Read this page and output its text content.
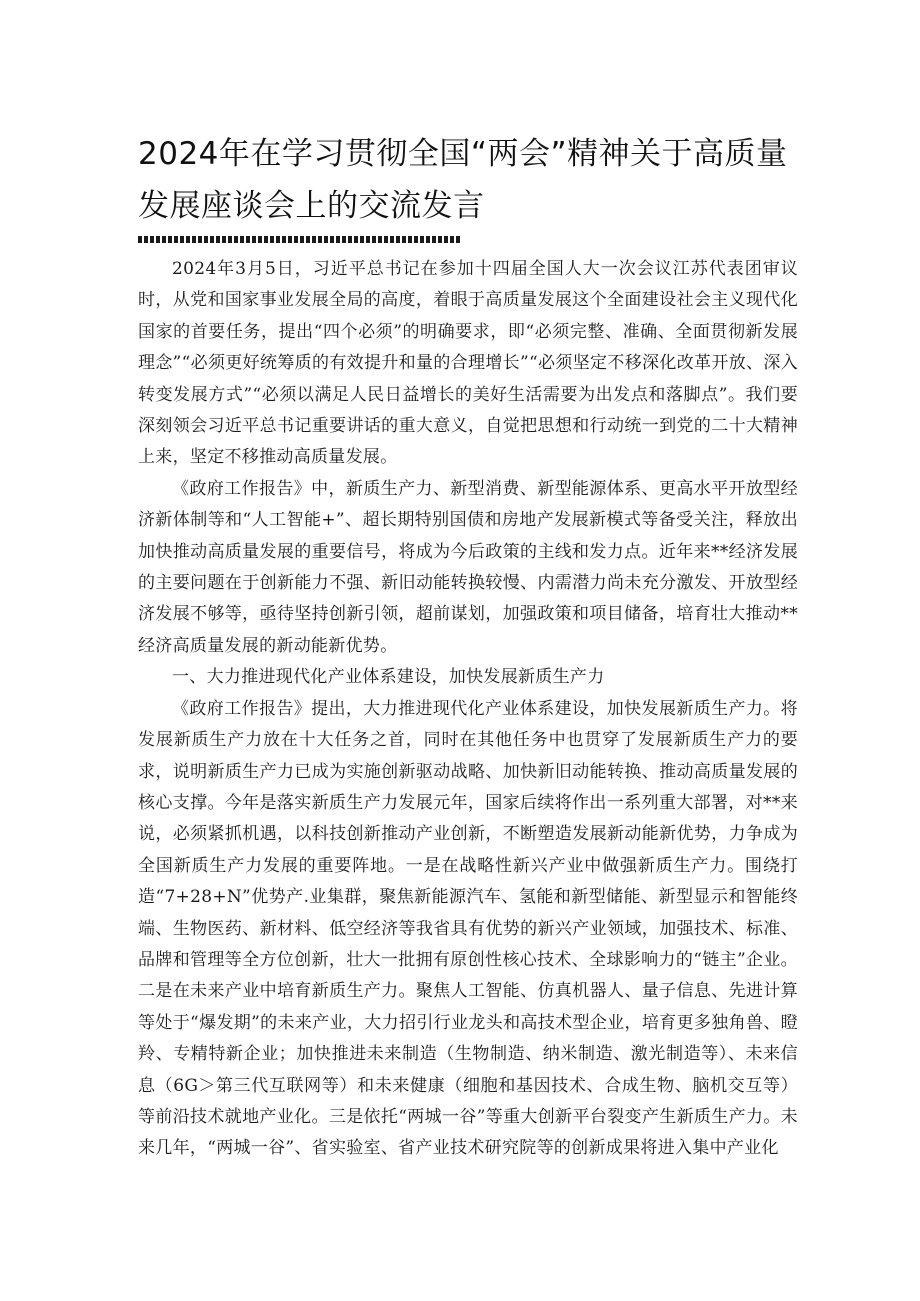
2024年在学习贯彻全国“两会”精神关于高质量发展座谈会上的交流发言

2024年3月5日，习近平总书记在参加十四届全国人大一次会议江苏代表团审议时，从党和国家事业发展全局的高度，着眼于高质量发展这个全面建设社会主义现代化国家的首要任务，提出“四个必须”的明确要求，即“必须完整、准确、全面贯彻新发展理念”“必须更好统筹质的有效提升和量的合理增长”“必须坚定不移深化改革开放、深入转变发展方式”“必须以满足人民日益增长的美好生活需要为出发点和落脚点”。我们要深刻领会习近平总书记重要讲话的重大意义，自觉把思想和行动统一到党的二十大精神上来，坚定不移推动高质量发展。

《政府工作报告》中，新质生产力、新型消费、新型能源体系、更高水平开放型经济新体制等和“人工智能+”、超长期特别国债和房地产发展新模式等备受关注，释放出加快推动高质量发展的重要信号，将成为今后政策的主线和发力点。近年来**经济发展的主要问题在于创新能力不强、新旧动能转换较慢、内需潜力尚未充分激发、开放型经济发展不够等，亟待坚持创新引领，超前谋划，加强政策和项目储备，培育壮大推动**经济高质量发展的新动能新优势。

一、大力推进现代化产业体系建设，加快发展新质生产力

《政府工作报告》提出，大力推进现代化产业体系建设，加快发展新质生产力。将发展新质生产力放在十大任务之首，同时在其他任务中也贯穿了发展新质生产力的要求，说明新质生产力已成为实施创新驱动战略、加快新旧动能转换、推动高质量发展的核心支撑。今年是落实新质生产力发展元年，国家后续将作出一系列重大部署，对**来说，必须紧抓机遇，以科技创新推动产业创新，不断塑造发展新动能新优势，力争成为全国新质生产力发展的重要阵地。一是在战略性新兴产业中做强新质生产力。围绕打造“7+28+N”优势产.业集群，聚焦新能源汽车、氢能和新型储能、新型显示和智能终端、生物医药、新材料、低空经济等我省具有优势的新兴产业领域，加强技术、标准、品牌和管理等全方位创新，壮大一批拥有原创性核心技术、全球影响力的“链主”企业。二是在未来产业中培育新质生产力。聚焦人工智能、仿真机器人、量子信息、先进计算等处于“爆发期”的未来产业，大力招引行业龙头和高技术型企业，培育更多独角兽、瞪羚、专精特新企业；加快推进未来制造（生物制造、纳米制造、激光制造等）、未来信息（6G＞第三代互联网等）和未来健康（细胞和基因技术、合成生物、脑机交互等）等前沿技术就地产业化。三是依托“两城一谷”等重大创新平台裂变产生新质生产力。未来几年，“两城一谷”、省实验室、省产业技术研究院等的创新成果将进入集中产业化
